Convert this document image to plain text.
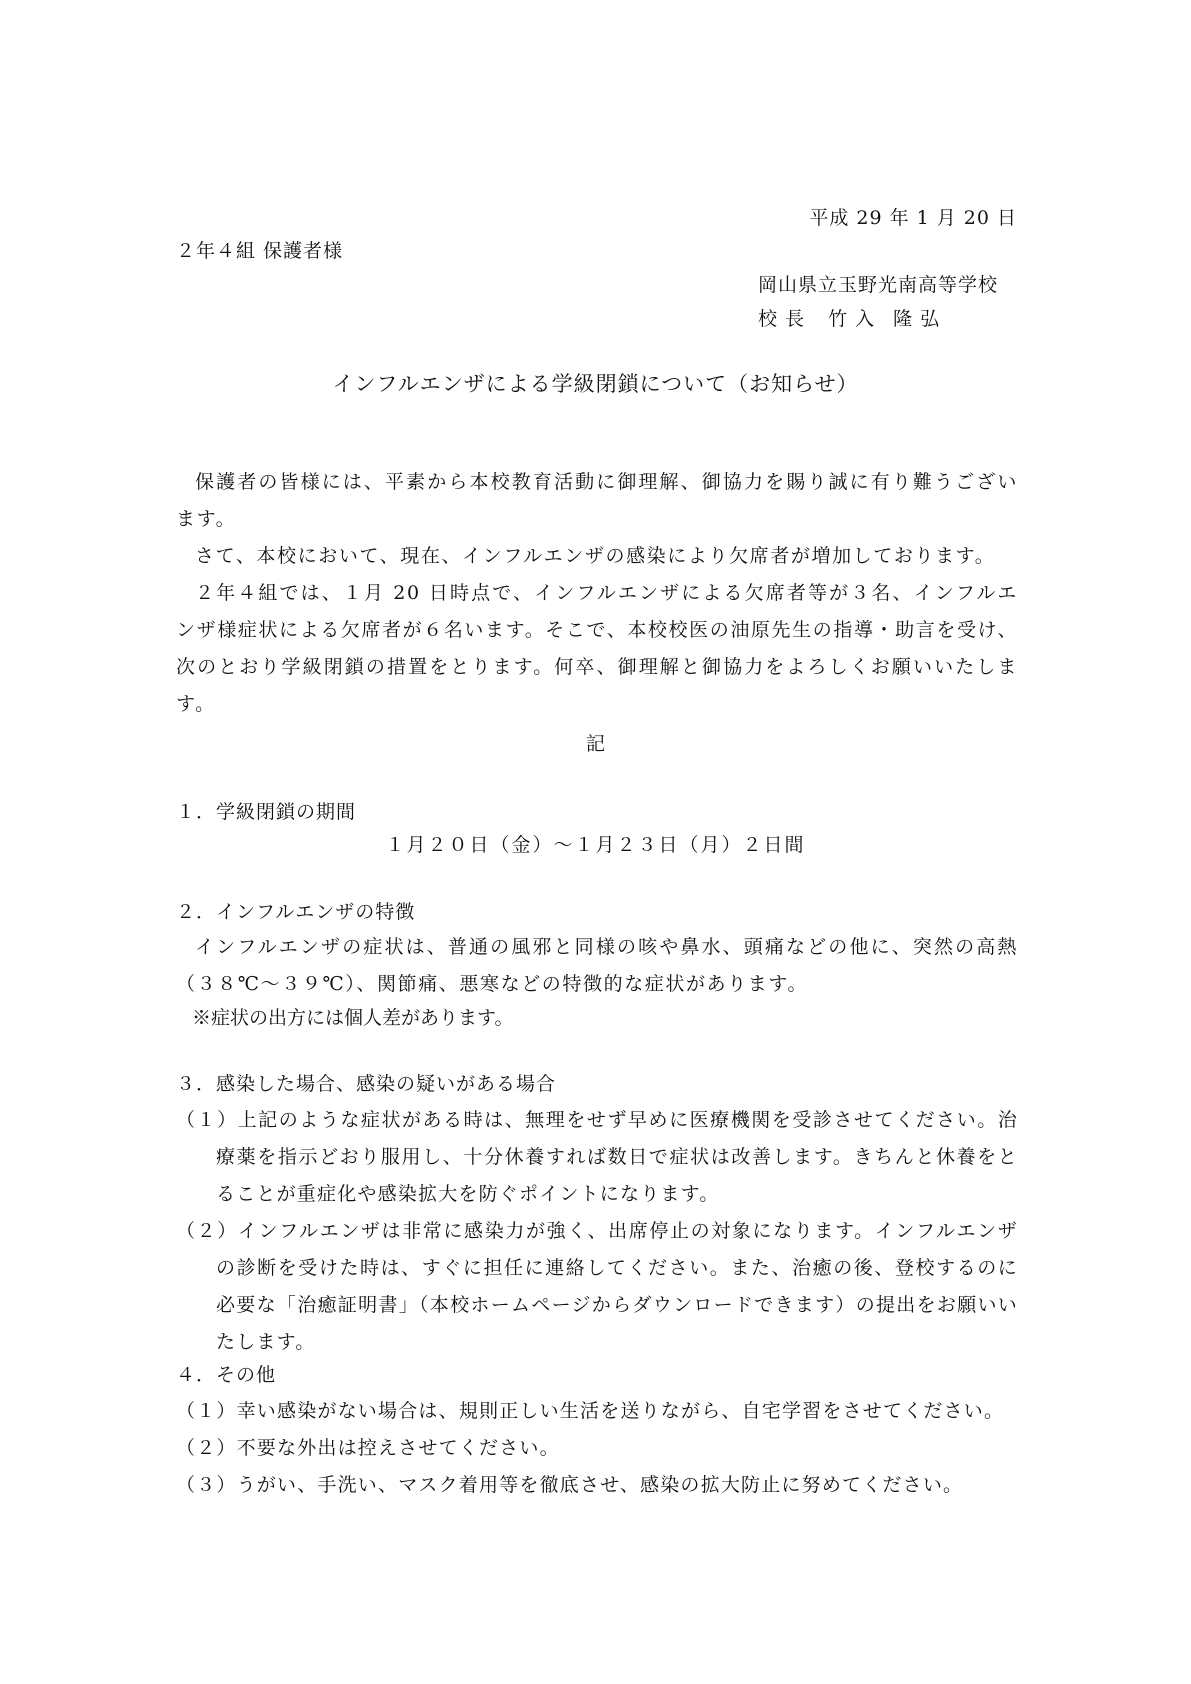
平成 29 年 1 月 20 日
２年４組 保護者様
岡山県立玉野光南高等学校
校 長 竹 入　隆 弘
インフルエンザによる学級閉鎖について（お知らせ）
保護者の皆様には、平素から本校教育活動に御理解、御協力を賜り誠に有り難うございます。
さて、本校において、現在、インフルエンザの感染により欠席者が増加しております。
２年４組では、１月 20 日時点で、インフルエンザによる欠席者等が３名、インフルエンザ様症状による欠席者が６名います。そこで、本校校医の油原先生の指導・助言を受け、次のとおり学級閉鎖の措置をとります。何卒、御理解と御協力をよろしくお願いいたします。
記
１．学級閉鎖の期間
１月２０日（金）～１月２３日（月）２日間
２．インフルエンザの特徴
インフルエンザの症状は、普通の風邪と同様の咳や鼻水、頭痛などの他に、突然の高熱（３８℃～３９℃）、関節痛、悪寒などの特徴的な症状があります。
※症状の出方には個人差があります。
３．感染した場合、感染の疑いがある場合
（１）上記のような症状がある時は、無理をせず早めに医療機関を受診させてください。治療薬を指示どおり服用し、十分休養すれば数日で症状は改善します。きちんと休養をとることが重症化や感染拡大を防ぐポイントになります。
（２）インフルエンザは非常に感染力が強く、出席停止の対象になります。インフルエンザの診断を受けた時は、すぐに担任に連絡してください。また、治癒の後、登校するのに必要な「治癒証明書」（本校ホームページからダウンロードできます）の提出をお願いいたします。
４．その他
（１）幸い感染がない場合は、規則正しい生活を送りながら、自宅学習をさせてください。
（２）不要な外出は控えさせてください。
（３）うがい、手洗い、マスク着用等を徹底させ、感染の拡大防止に努めてください。
